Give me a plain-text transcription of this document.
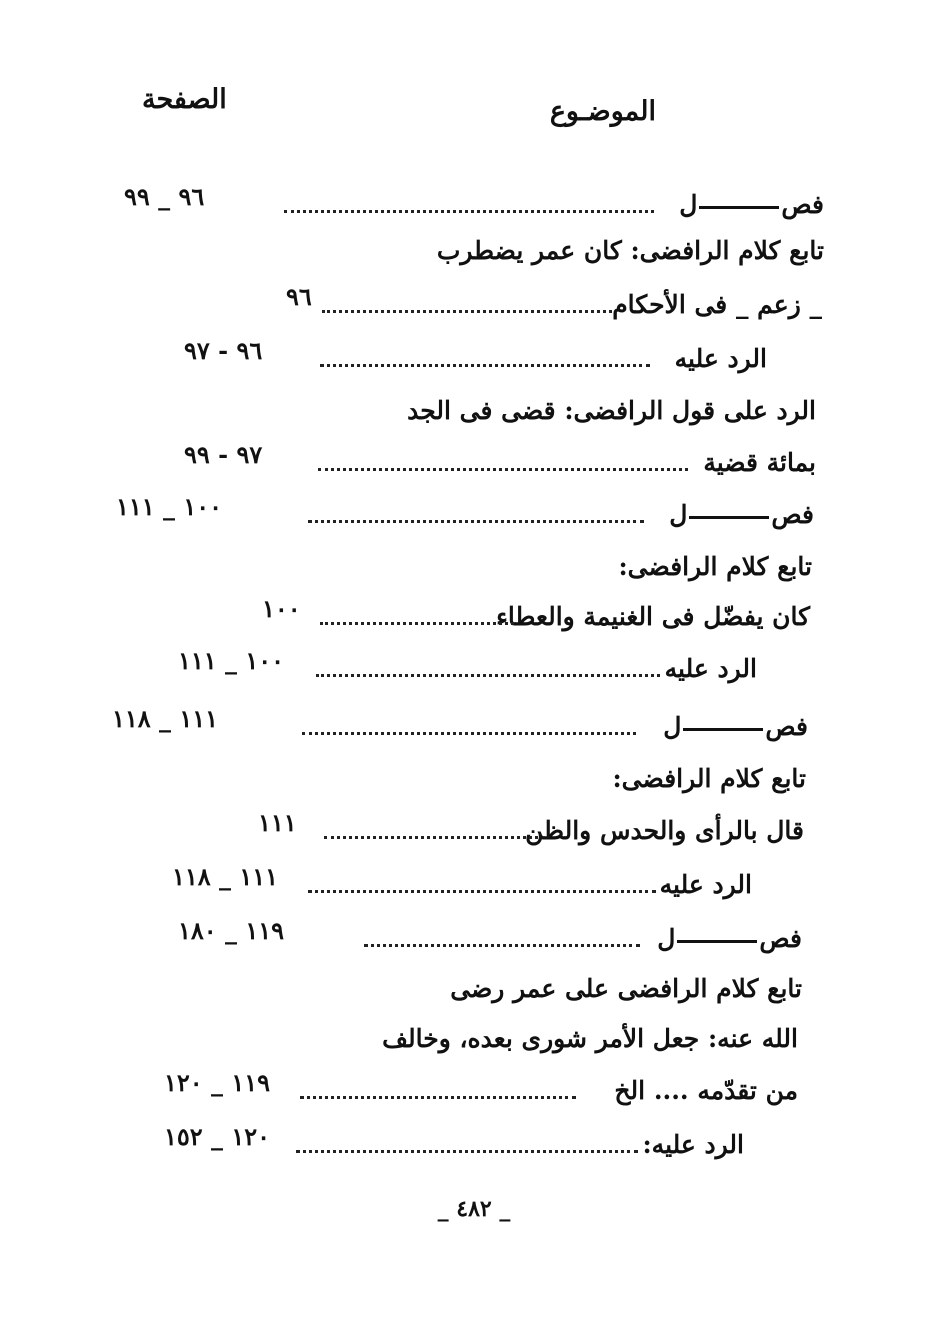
الموضـوع
الصفحة
فصل
٩٦ _ ٩٩
تابع كلام الرافضى: كان عمر يضطرب
_ زعم _ فى الأحكام
٩٦
الرد عليه
٩٦ - ٩٧
الرد على قول الرافضى: قضى فى الجد
بمائة قضية
٩٧ - ٩٩
فصل
١٠٠ _ ١١١
تابع كلام الرافضى:
كان يفضّل فى الغنيمة والعطاء
١٠٠
الرد عليه
١٠٠ _ ١١١
فصل
١١١ _ ١١٨
تابع كلام الرافضى:
قال بالرأى والحدس والظن
١١١
الرد عليه
١١١ _ ١١٨
فصل
١١٩ _ ١٨٠
تابع كلام الرافضى على عمر رضى
الله عنه: جعل الأمر شورى بعده، وخالف
من تقدّمه .... الخ
١١٩ _ ١٢٠
الرد عليه:
١٢٠ _ ١٥٢
_ ٤٨٢ _
